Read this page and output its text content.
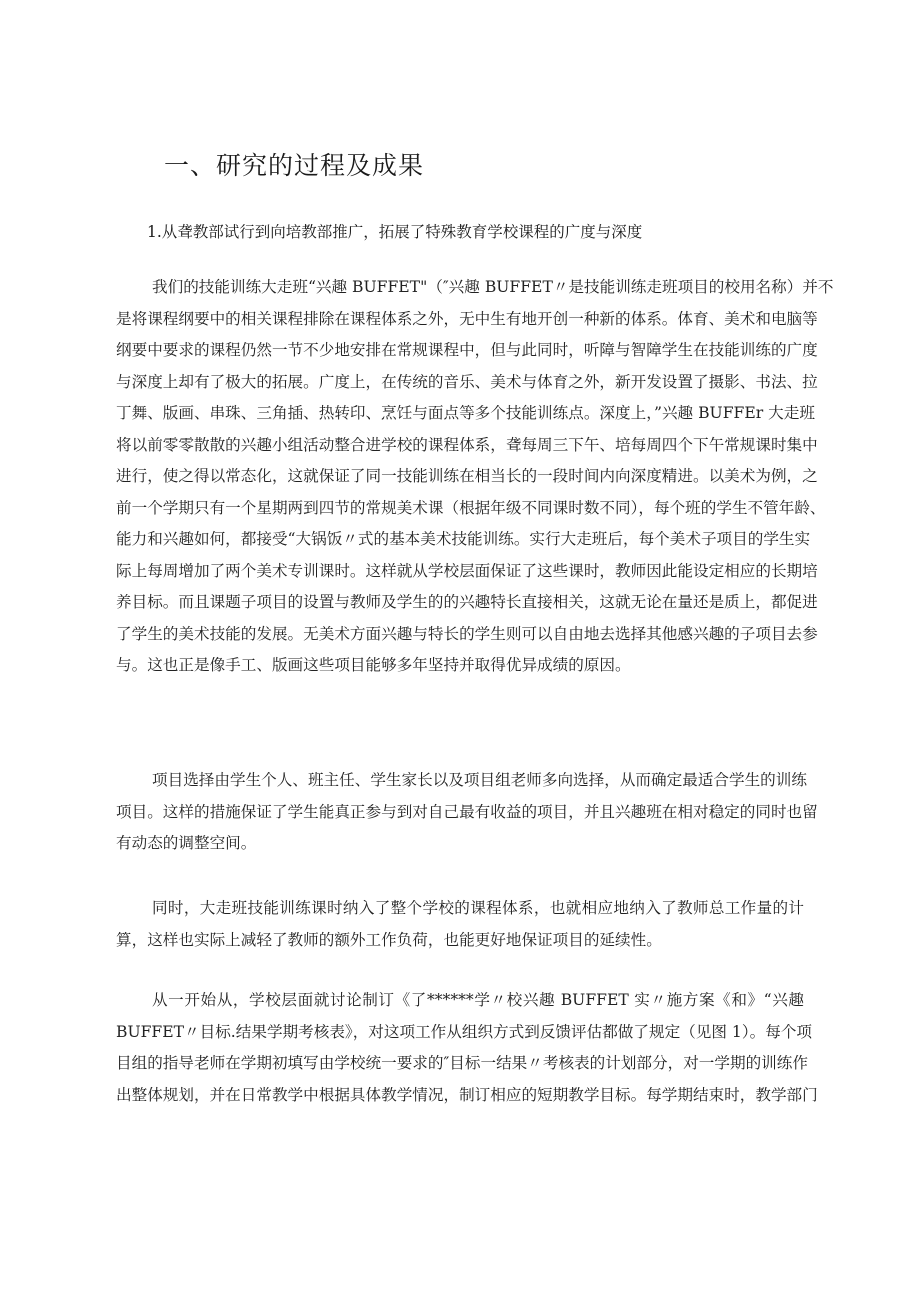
一、研究的过程及成果
1.从聋教部试行到向培教部推广，拓展了特殊教育学校课程的广度与深度
我们的技能训练大走班“兴趣 BUFFET"（″兴趣 BUFFET〃是技能训练走班项目的校用名称）并不
是将课程纲要中的相关课程排除在课程体系之外，无中生有地开创一种新的体系。体育、美术和电脑等
纲要中要求的课程仍然一节不少地安排在常规课程中，但与此同时，听障与智障学生在技能训练的广度
与深度上却有了极大的拓展。广度上，在传统的音乐、美术与体育之外，新开发设置了摄影、书法、拉
丁舞、版画、串珠、三角插、热转印、烹饪与面点等多个技能训练点。深度上，”兴趣 BUFFEr 大走班
将以前零零散散的兴趣小组活动整合进学校的课程体系，聋每周三下午、培每周四个下午常规课时集中
进行，使之得以常态化，这就保证了同一技能训练在相当长的一段时间内向深度精进。以美术为例，之
前一个学期只有一个星期两到四节的常规美术课（根据年级不同课时数不同），每个班的学生不管年龄、
能力和兴趣如何，都接受“大锅饭〃式的基本美术技能训练。实行大走班后，每个美术子项目的学生实
际上每周增加了两个美术专训课时。这样就从学校层面保证了这些课时，教师因此能设定相应的长期培
养目标。而且课题子项目的设置与教师及学生的的兴趣特长直接相关，这就无论在量还是质上，都促进
了学生的美术技能的发展。无美术方面兴趣与特长的学生则可以自由地去选择其他感兴趣的子项目去参
与。这也正是像手工、版画这些项目能够多年坚持并取得优异成绩的原因。
项目选择由学生个人、班主任、学生家长以及项目组老师多向选择，从而确定最适合学生的训练
项目。这样的措施保证了学生能真正参与到对自己最有收益的项目，并且兴趣班在相对稳定的同时也留
有动态的调整空间。
同时，大走班技能训练课时纳入了整个学校的课程体系，也就相应地纳入了教师总工作量的计
算，这样也实际上减轻了教师的额外工作负荷，也能更好地保证项目的延续性。
从一开始从，学校层面就讨论制订《了******学〃校兴趣 BUFFET 实〃施方案《和》“兴趣
BUFFET〃目标.结果学期考核表》，对这项工作从组织方式到反馈评估都做了规定（见图 1）。每个项
目组的指导老师在学期初填写由学校统一要求的″目标一结果〃考核表的计划部分，对一学期的训练作
出整体规划，并在日常教学中根据具体教学情况，制订相应的短期教学目标。每学期结束时，教学部门
